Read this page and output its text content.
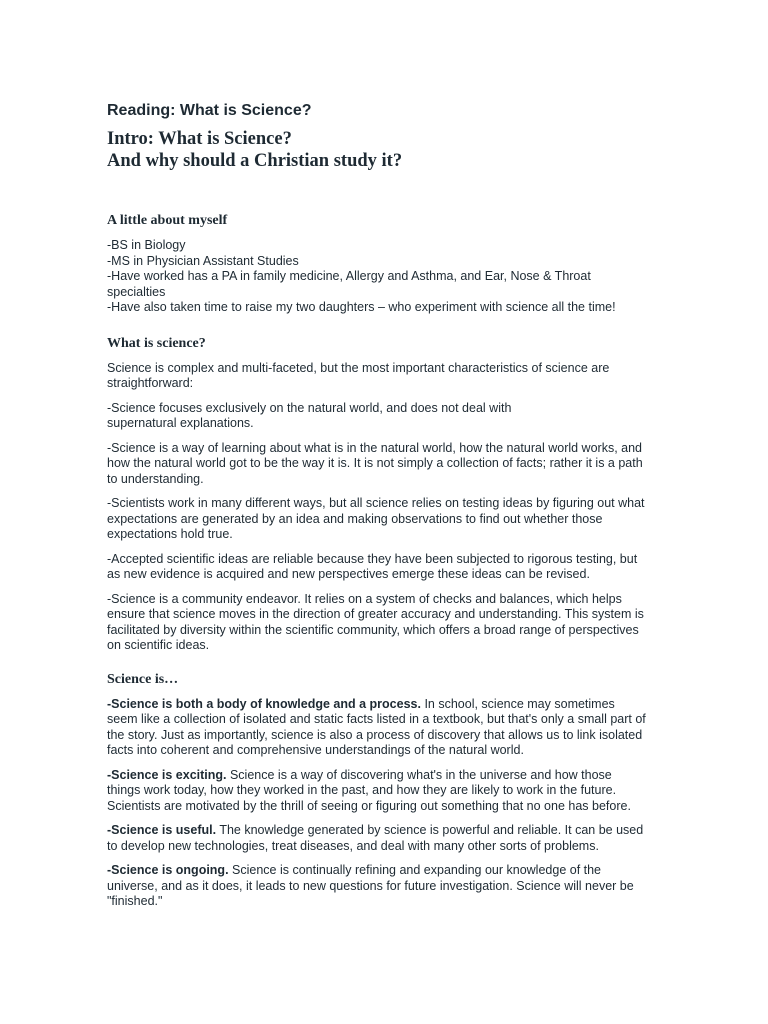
Reading: What is Science?
Intro: What is Science?
And why should a Christian study it?
A little about myself
-BS in Biology
-MS in Physician Assistant Studies
-Have worked has a PA in family medicine, Allergy and Asthma, and Ear, Nose & Throat specialties
-Have also taken time to raise my two daughters – who experiment with science all the time!
What is science?

Science is complex and multi-faceted, but the most important characteristics of science are straightforward:

-Science focuses exclusively on the natural world, and does not deal with supernatural explanations.

-Science is a way of learning about what is in the natural world, how the natural world works, and how the natural world got to be the way it is. It is not simply a collection of facts; rather it is a path to understanding.

-Scientists work in many different ways, but all science relies on testing ideas by figuring out what expectations are generated by an idea and making observations to find out whether those expectations hold true.

-Accepted scientific ideas are reliable because they have been subjected to rigorous testing, but as new evidence is acquired and new perspectives emerge these ideas can be revised.

-Science is a community endeavor. It relies on a system of checks and balances, which helps ensure that science moves in the direction of greater accuracy and understanding. This system is facilitated by diversity within the scientific community, which offers a broad range of perspectives on scientific ideas.

Science is…

-Science is both a body of knowledge and a process. In school, science may sometimes seem like a collection of isolated and static facts listed in a textbook, but that's only a small part of the story. Just as importantly, science is also a process of discovery that allows us to link isolated facts into coherent and comprehensive understandings of the natural world.

-Science is exciting. Science is a way of discovering what's in the universe and how those things work today, how they worked in the past, and how they are likely to work in the future. Scientists are motivated by the thrill of seeing or figuring out something that no one has before.

-Science is useful. The knowledge generated by science is powerful and reliable. It can be used to develop new technologies, treat diseases, and deal with many other sorts of problems.

-Science is ongoing. Science is continually refining and expanding our knowledge of the universe, and as it does, it leads to new questions for future investigation. Science will never be "finished."
